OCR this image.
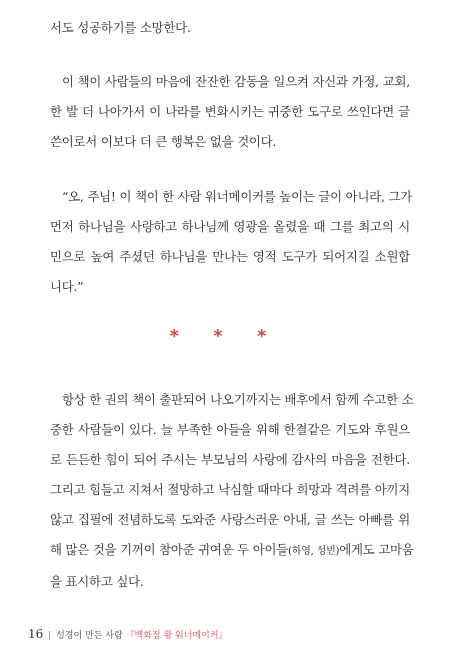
서도 성공하기를 소망한다.

이 책이 사람들의 마음에 잔잔한 감동을 일으켜 자신과 가정, 교회,
한 발 더 나아가서 이 나라를 변화시키는 귀중한 도구로 쓰인다면 글
쓴이로서 이보다 더 큰 행복은 없을 것이다.

“오, 주님! 이 책이 한 사람 워너메이커를 높이는 글이 아니라, 그가
먼저 하나님을 사랑하고 하나님께 영광을 올렸을 때 그를 최고의 시
민으로 높여 주셨던 하나님을 만나는 영적 도구가 되어지길 소원합
니다.”

* * *

항상 한 권의 책이 출판되어 나오기까지는 배후에서 함께 수고한 소
중한 사람들이 있다. 늘 부족한 아들을 위해 한결같은 기도와 후원으
로 든든한 힘이 되어 주시는 부모님의 사랑에 감사의 마음을 전한다.
그리고 힘들고 지쳐서 절망하고 낙심할 때마다 희망과 격려를 아끼지
않고 집필에 전념하도록 도와준 사랑스러운 아내, 글 쓰는 아빠를 위
해 많은 것을 기꺼이 참아준 귀여운 두 아이들(하영, 성빈)에게도 고마움
을 표시하고 싶다.

16 | 성경이 만든 사람 『백화점 왕 워너메이커』
